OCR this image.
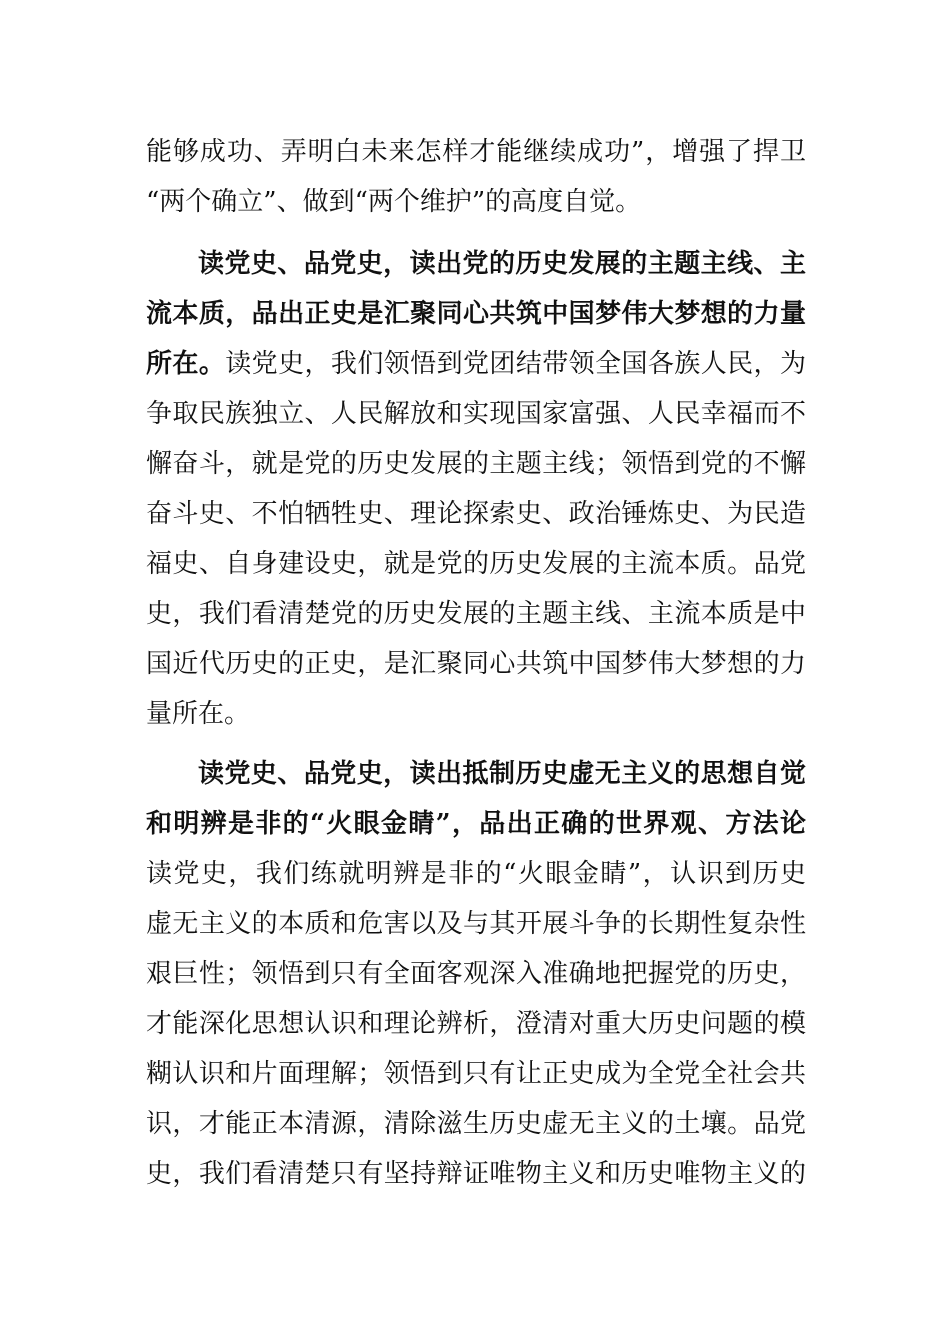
能够成功、弄明白未来怎样才能继续成功”，增强了捍卫
“两个确立”、做到“两个维护”的高度自觉。
读党史、品党史，读出党的历史发展的主题主线、主
流本质，品出正史是汇聚同心共筑中国梦伟大梦想的力量
所在。读党史，我们领悟到党团结带领全国各族人民，为
争取民族独立、人民解放和实现国家富强、人民幸福而不
懈奋斗，就是党的历史发展的主题主线；领悟到党的不懈
奋斗史、不怕牺牲史、理论探索史、政治锤炼史、为民造
福史、自身建设史，就是党的历史发展的主流本质。品党
史，我们看清楚党的历史发展的主题主线、主流本质是中
国近代历史的正史，是汇聚同心共筑中国梦伟大梦想的力
量所在。
读党史、品党史，读出抵制历史虚无主义的思想自觉
和明辨是非的“火眼金睛”，品出正确的世界观、方法论
读党史，我们练就明辨是非的“火眼金睛”，认识到历史
虚无主义的本质和危害以及与其开展斗争的长期性复杂性
艰巨性；领悟到只有全面客观深入准确地把握党的历史，
才能深化思想认识和理论辨析，澄清对重大历史问题的模
糊认识和片面理解；领悟到只有让正史成为全党全社会共
识，才能正本清源，清除滋生历史虚无主义的土壤。品党
史，我们看清楚只有坚持辩证唯物主义和历史唯物主义的
